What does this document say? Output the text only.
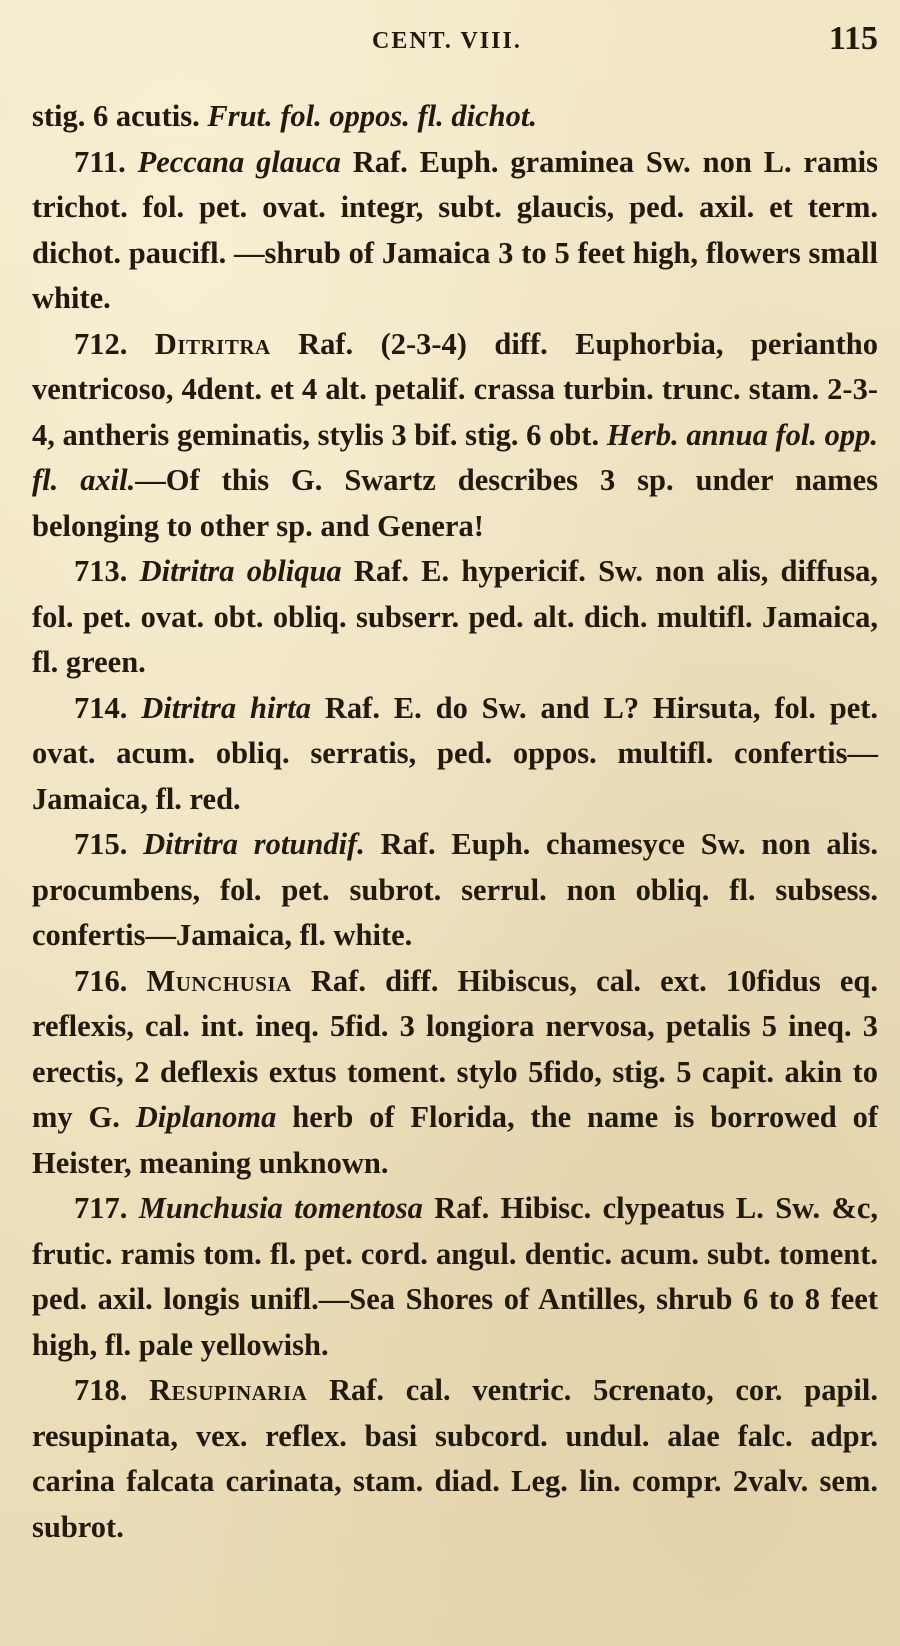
CENT. VIII.	115

stig. 6 acutis. Frut. fol. oppos. fl. dichot.

711. Peccana glauca Raf. Euph. graminea Sw. non L. ramis trichot. fol. pet. ovat. integr, subt. glaucis, ped. axil. et term. dichot. paucifl. —shrub of Jamaica 3 to 5 feet high, flowers small white.

712. Ditritra Raf. (2-3-4) diff. Euphorbia, periantho ventricoso, 4dent. et 4 alt. petalif. crassa turbin. trunc. stam. 2-3-4, antheris geminatis, stylis 3 bif. stig. 6 obt. Herb. annua fol. opp. fl. axil.—Of this G. Swartz describes 3 sp. under names belonging to other sp. and Genera!

713. Ditritra obliqua Raf. E. hypericif. Sw. non alis, diffusa, fol. pet. ovat. obt. obliq. subserr. ped. alt. dich. multifl. Jamaica, fl. green.

714. Ditritra hirta Raf. E. do Sw. and L? Hirsuta, fol. pet. ovat. acum. obliq. serratis, ped. oppos. multifl. confertis—Jamaica, fl. red.

715. Ditritra rotundif. Raf. Euph. chamesyce Sw. non alis. procumbens, fol. pet. subrot. serrul. non obliq. fl. subsess. confertis—Jamaica, fl. white.

716. Munchusia Raf. diff. Hibiscus, cal. ext. 10fidus eq. reflexis, cal. int. ineq. 5fid. 3 longiora nervosa, petalis 5 ineq. 3 erectis, 2 deflexis extus toment. stylo 5fido, stig. 5 capit. akin to my G. Diplanoma herb of Florida, the name is borrowed of Heister, meaning unknown.

717. Munchusia tomentosa Raf. Hibisc. clypeatus L. Sw. &c, frutic. ramis tom. fl. pet. cord. angul. dentic. acum. subt. toment. ped. axil. longis unifl.—Sea Shores of Antilles, shrub 6 to 8 feet high, fl. pale yellowish.

718. Resupinaria Raf. cal. ventric. 5crenato, cor. papil. resupinata, vex. reflex. basi subcord. undul. alae falc. adpr. carina falcata carinata, stam. diad. Leg. lin. compr. 2valv. sem. subrot.
